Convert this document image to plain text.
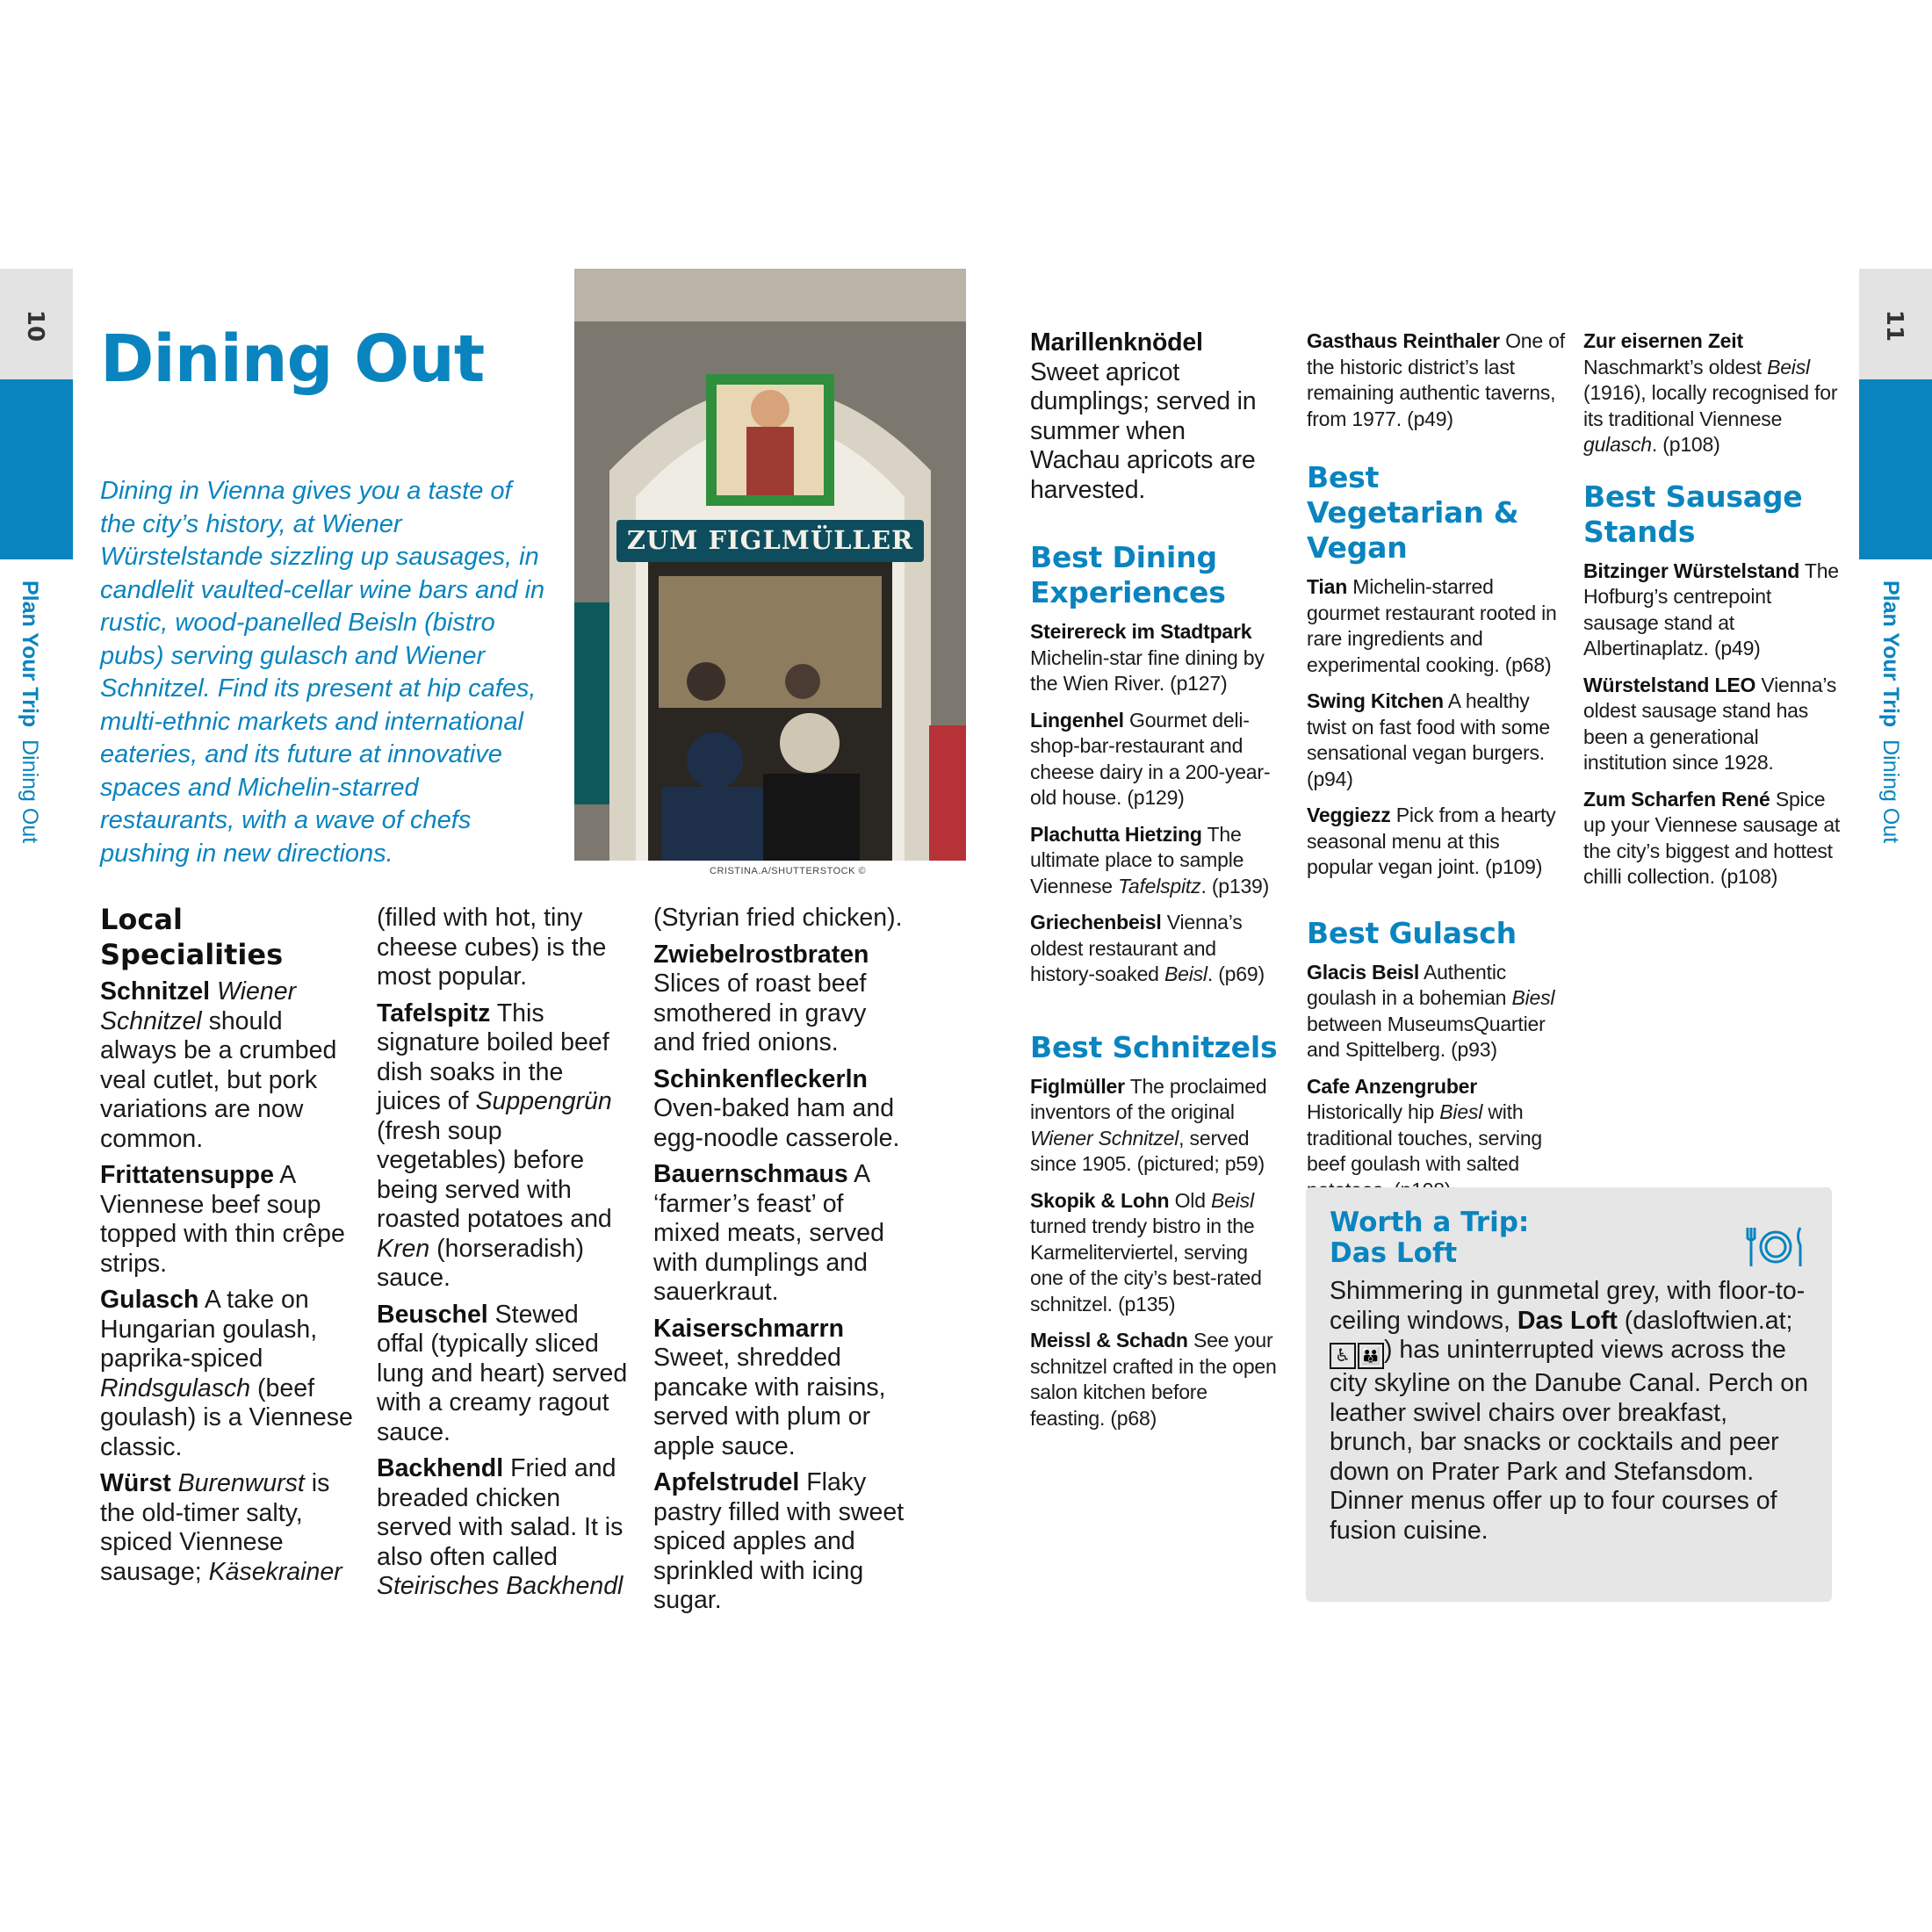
10
Plan Your Trip  Dining Out
11
Plan Your Trip  Dining Out
Dining Out
Dining in Vienna gives you a taste of the city’s history, at Wiener Würstelstande sizzling up sausages, in candlelit vaulted-cellar wine bars and in rustic, wood-panelled Beisln (bistro pubs) serving gulasch and Wiener Schnitzel. Find its present at hip cafes, multi-ethnic markets and international eateries, and its future at innovative spaces and Michelin-starred restaurants, with a wave of chefs pushing in new directions.
ZUM FIGLMÜLLER
CRISTINA.A/SHUTTERSTOCK ©
Local Specialities

Schnitzel Wiener Schnitzel should always be a crumbed veal cutlet, but pork variations are now common.

Frittatensuppe A Viennese beef soup topped with thin crêpe strips.

Gulasch A take on Hungarian goulash, paprika-spiced Rindsgulasch (beef goulash) is a Viennese classic.

Würst Burenwurst is the old-timer salty, spiced Viennese sausage; Käsekrainer

(filled with hot, tiny cheese cubes) is the most popular.

Tafelspitz This signature boiled beef dish soaks in the juices of Suppengrün (fresh soup vegetables) before being served with roasted potatoes and Kren (horseradish) sauce.

Beuschel Stewed offal (typically sliced lung and heart) served with a creamy ragout sauce.

Backhendl Fried and breaded chicken served with salad. It is also often called Steirisches Backhendl

(Styrian fried chicken).

Zwiebelrostbraten Slices of roast beef smothered in gravy and fried onions.

Schinkenfleckerln Oven-baked ham and egg-noodle casserole.

Bauernschmaus A ‘farmer’s feast’ of mixed meats, served with dumplings and sauerkraut.

Kaiserschmarrn Sweet, shredded pancake with raisins, served with plum or apple sauce.

Apfelstrudel Flaky pastry filled with sweet spiced apples and sprinkled with icing sugar.

Marillenknödel Sweet apricot dumplings; served in summer when Wachau apricots are harvested.

Best Dining Experiences

Steirereck im Stadtpark Michelin-star fine dining by the Wien River. (p127)

Lingenhel Gourmet deli-shop-bar-restaurant and cheese dairy in a 200-year-old house. (p129)

Plachutta Hietzing The ultimate place to sample Viennese Tafelspitz. (p139)

Griechenbeisl Vienna’s oldest restaurant and history-soaked Beisl. (p69)

Best Schnitzels

Figlmüller The proclaimed inventors of the original Wiener Schnitzel, served since 1905. (pictured; p59)

Skopik & Lohn Old Beisl turned trendy bistro in the Karmeliterviertel, serving one of the city’s best-rated schnitzel. (p135)

Meissl & Schadn See your schnitzel crafted in the open salon kitchen before feasting. (p68)

Gasthaus Reinthaler One of the historic district’s last remaining authentic taverns, from 1977. (p49)

Best Vegetarian & Vegan

Tian Michelin-starred gourmet restaurant rooted in rare ingredients and experimental cooking. (p68)

Swing Kitchen A healthy twist on fast food with some sensational vegan burgers. (p94)

Veggiezz Pick from a hearty seasonal menu at this popular vegan joint. (p109)

Best Gulasch

Glacis Beisl Authentic goulash in a bohemian Biesl between MuseumsQuartier and Spittelberg. (p93)

Cafe Anzengruber Historically hip Biesl with traditional touches, serving beef goulash with salted

Zur eisernen Zeit Naschmarkt’s oldest Beisl (1916), locally recognised for its traditional Viennese gulasch. (p108)

Best Sausage Stands

Bitzinger Würstelstand The Hofburg’s centrepoint sausage stand at Albertinaplatz. (p49)

Würstelstand LEO Vienna’s oldest sausage stand has been a generational institution since 1928.

Zum Scharfen René Spice up your Viennese sausage at the city’s biggest and hottest chilli collection. (p108)

Worth a Trip:
Das Loft

Shimmering in gunmetal grey, with floor-to-ceiling windows, Das Loft (dasloftwien.at; ♿ 👪 ) has uninterrupted views across the city skyline on the Danube Canal. Perch on leather swivel chairs over breakfast, brunch, bar snacks or cocktails and peer down on Prater Park and Stefansdom. Dinner menus offer up to four courses of fusion cuisine.
